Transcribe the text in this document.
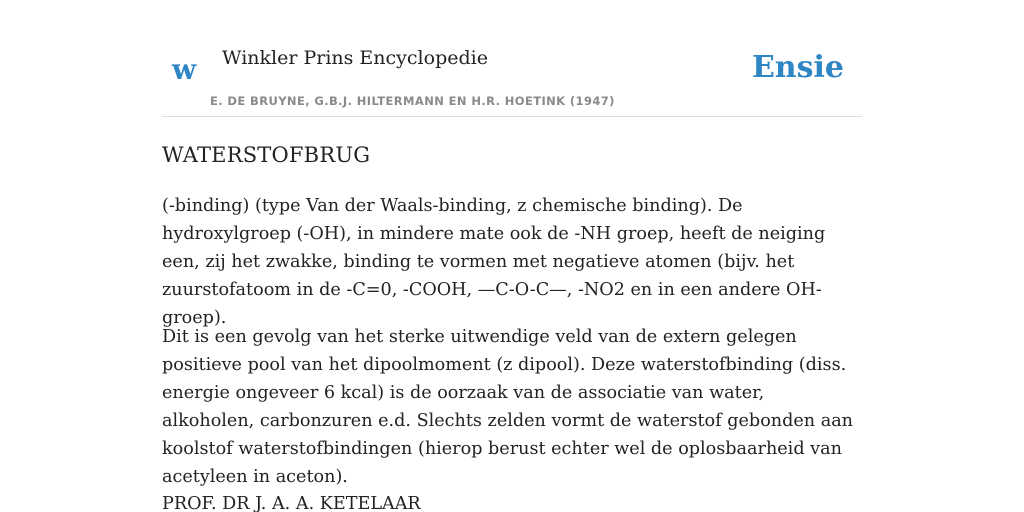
w Winkler Prins Encyclopedie
E. DE BRUYNE, G.B.J. HILTERMANN EN H.R. HOETINK (1947)
Ensie
WATERSTOFBRUG

(-binding) (type Van der Waals-binding, z chemische binding). De hydroxylgroep (-OH), in mindere mate ook de -NH groep, heeft de neiging een, zij het zwakke, binding te vormen met negatieve atomen (bijv. het zuurstofatoom in de -C=0, -COOH, —C-O-C—, -NO2 en in een andere OH-groep).

Dit is een gevolg van het sterke uitwendige veld van de extern gelegen positieve pool van het dipoolmoment (z dipool). Deze waterstofbinding (diss. energie ongeveer 6 kcal) is de oorzaak van de associatie van water, alkoholen, carbonzuren e.d. Slechts zelden vormt de waterstof gebonden aan koolstof waterstofbindingen (hierop berust echter wel de oplosbaarheid van acetyleen in aceton).

PROF. DR J. A. A. KETELAAR
